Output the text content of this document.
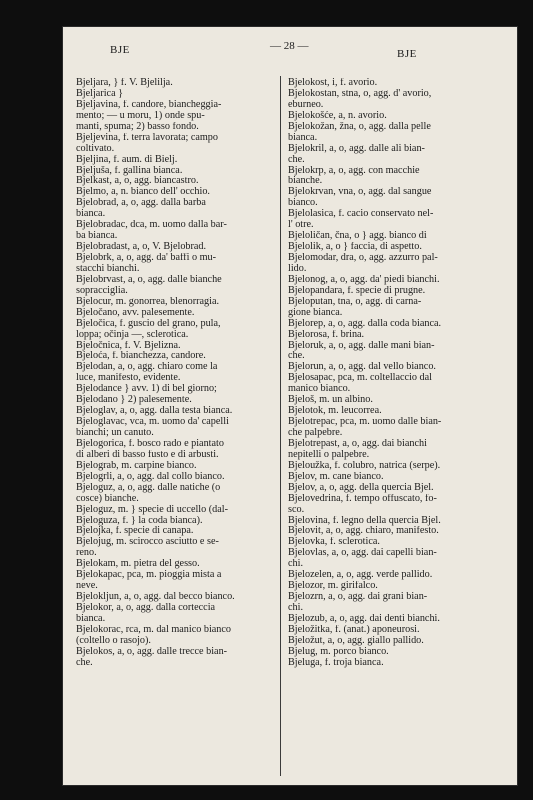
BJE	— 28 —
BJE
Bjeljara, } f. V. Bjelilja.
Bjeljarica }
Bjeljavina, f. candore, biancheggia-
mento; — u moru, 1) onde spu-
manti, spuma; 2) basso fondo.
Bjeljevina, f. terra lavorata; campo
coltivato.
Bjeljina, f. aum. di Bielj.
Bjeljuša, f. gallina bianca.
Bjelkast, a, o, agg. biancastro.
Bjelmo, a, n. bianco dell' occhio.
Bjelobrad, a, o, agg. dalla barba
bianca.
Bjelobradac, dca, m. uomo dalla bar-
ba bianca.
Bjelobradast, a, o, V. Bjelobrad.
Bjelobrk, a, o, agg. da' baffi o mu-
stacchi bianchi.
Bjelobrvast, a, o, agg. dalle bianche
sopracciglia.
Bjelocur, m. gonorrea, blenorragia.
Bjeločano, avv. palesemente.
Bjeločica, f. guscio del grano, pula,
loppa; očinja —, sclerotica.
Bjeločnica, f. V. Bjelizna.
Bjeloća, f. bianchezza, candore.
Bjelodan, a, o, agg. chiaro come la
luce, manifesto, evidente.
Bjelodance } avv. 1) di bel giorno;
Bjelodano } 2) palesemente.
Bjeloglav, a, o, agg. dalla testa bianca.
Bjeloglavac, vca, m. uomo da' capelli
bianchi; un canuto.
Bjelogorica, f. bosco rado e piantato
di alberi di basso fusto e di arbusti.
Bjelograb, m. carpine bianco.
Bjelogrli, a, o, agg. dal collo bianco.
Bjeloguz, a, o, agg. dalle natiche (o
cosce) bianche.
Bjeloguz, m. } specie di uccello (dal-
Bjeloguza, f. } la coda bianca).
Bjelojka, f. specie di canapa.
Bjelojug, m. scirocco asciutto e se-
reno.
Bjelokam, m. pietra del gesso.
Bjelokapac, pca, m. pioggia mista a
neve.
Bjeloklјun, a, o, agg. dal becco bianco.
Bjelokor, a, o, agg. dalla corteccia
bianca.
Bjelokorac, rca, m. dal manico bianco
(coltello o rasojo).
Bjelokos, a, o, agg. dalle trecce bian-
che.
Bjelokost, i, f. avorio.
Bjelokostan, stna, o, agg. d' avorio,
eburneo.
Bjelokošće, a, n. avorio.
Bjelokožan, žna, o, agg. dalla pelle
bianca.
Bjelokril, a, o, agg. dalle ali bian-
che.
Bjelokrp, a, o, agg. con macchie
bianche.
Bjelokrvan, vna, o, agg. dal sangue
bianco.
Bjelolasica, f. cacio conservato nel-
l' otre.
Bjeloličan, čna, o } agg. bianco di
Bjelolik, a, o } faccia, di aspetto.
Bjelomodar, dra, o, agg. azzurro pal-
lido.
Bjelonog, a, o, agg. da' piedi bianchi.
Bjelopandara, f. specie di prugne.
Bjeloputan, tna, o, agg. di carna-
gione bianca.
Bjelorep, a, o, agg. dalla coda bianca.
Bjelorosa, f. brina.
Bjeloruk, a, o, agg. dalle mani bian-
che.
Bjelorun, a, o, agg. dal vello bianco.
Bjelosapac, pca, m. coltellaccio dal
manico bianco.
Bjeloš, m. un albino.
Bjelotok, m. leucorrea.
Bjelotrepac, pca, m. uomo dalle bian-
che palpebre.
Bjelotrepast, a, o, agg. dai bianchi
nepitelli o palpebre.
Bjeloužka, f. colubro, natrica (serpe).
Bjelov, m. cane bianco.
Bjelov, a, o, agg. della quercia Bjel.
Bjelovedrina, f. tempo offuscato, fo-
sco.
Bjelovina, f. legno della quercia Bjel.
Bjelovit, a, o, agg. chiaro, manifesto.
Bjelovka, f. sclerotica.
Bjelovlas, a, o, agg. dai capelli bian-
chi.
Bjelozelen, a, o, agg. verde pallido.
Bjelozor, m. girifalco.
Bjelozrn, a, o, agg. dai grani bian-
chi.
Bjelozub, a, o, agg. dai denti bianchi.
Bjeložitka, f. (anat.) aponeurosi.
Bjeložut, a, o, agg. giallo pallido.
Bjelug, m. porco bianco.
Bjeluga, f. troja bianca.
